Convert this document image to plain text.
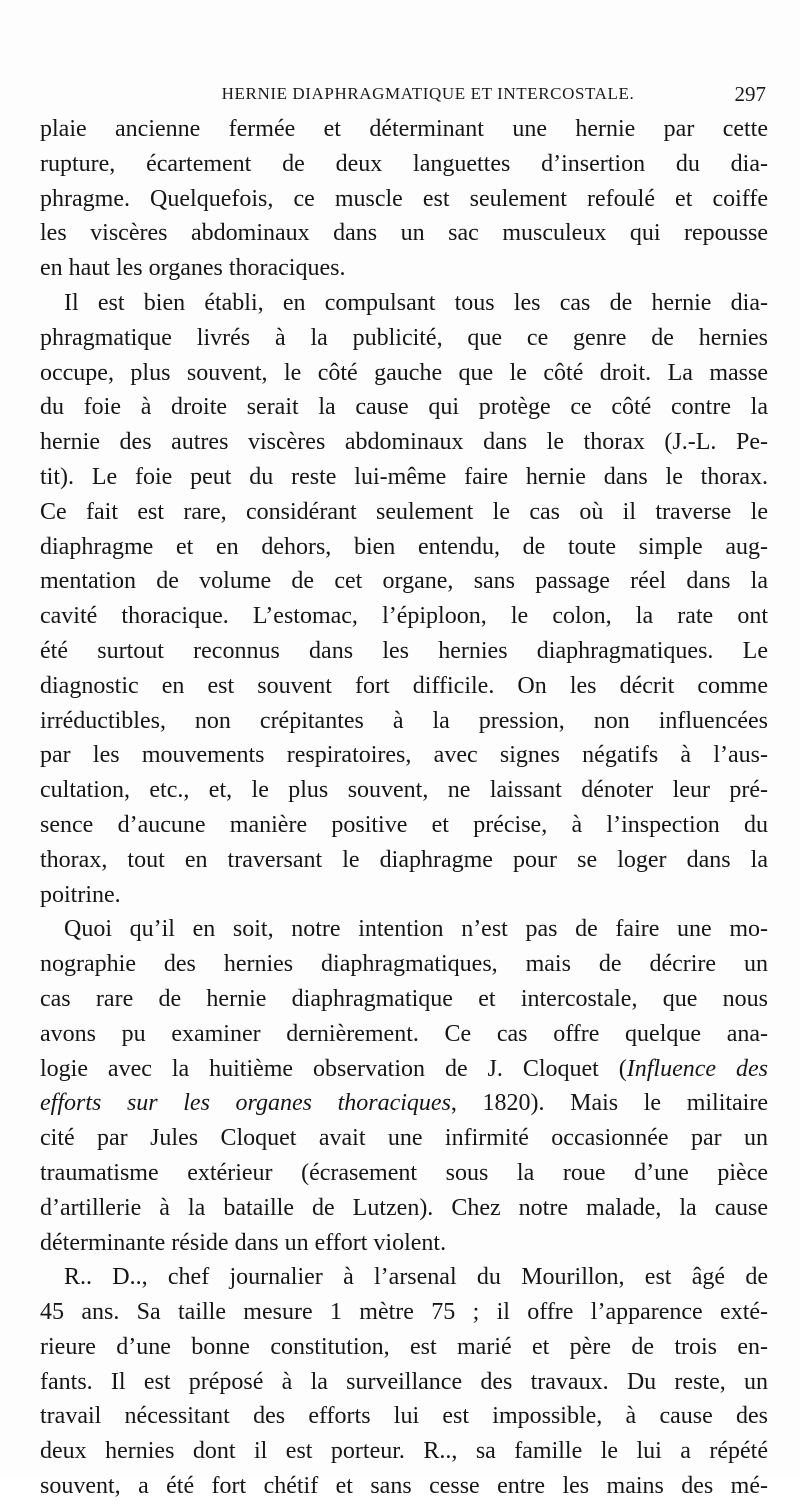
HERNIE DIAPHRAGMATIQUE ET INTERCOSTALE.	297

plaie ancienne fermée et déterminant une hernie par cette
rupture, écartement de deux languettes d’insertion du dia-
phragme. Quelquefois, ce muscle est seulement refoulé et coiffe
les viscères abdominaux dans un sac musculeux qui repousse
en haut les organes thoraciques.

Il est bien établi, en compulsant tous les cas de hernie dia-
phragmatique livrés à la publicité, que ce genre de hernies
occupe, plus souvent, le côté gauche que le côté droit. La masse
du foie à droite serait la cause qui protège ce côté contre la
hernie des autres viscères abdominaux dans le thorax (J.-L. Pe-
tit). Le foie peut du reste lui-même faire hernie dans le thorax.
Ce fait est rare, considérant seulement le cas où il traverse le
diaphragme et en dehors, bien entendu, de toute simple aug-
mentation de volume de cet organe, sans passage réel dans la
cavité thoracique. L’estomac, l’épiploon, le colon, la rate ont
été surtout reconnus dans les hernies diaphragmatiques. Le
diagnostic en est souvent fort difficile. On les décrit comme
irréductibles, non crépitantes à la pression, non influencées
par les mouvements respiratoires, avec signes négatifs à l’aus-
cultation, etc., et, le plus souvent, ne laissant dénoter leur pré-
sence d’aucune manière positive et précise, à l’inspection du
thorax, tout en traversant le diaphragme pour se loger dans la
poitrine.

Quoi qu’il en soit, notre intention n’est pas de faire une mo-
nographie des hernies diaphragmatiques, mais de décrire un
cas rare de hernie diaphragmatique et intercostale, que nous
avons pu examiner dernièrement. Ce cas offre quelque ana-
logie avec la huitième observation de J. Cloquet (Influence des
efforts sur les organes thoraciques, 1820). Mais le militaire
cité par Jules Cloquet avait une infirmité occasionnée par un
traumatisme extérieur (écrasement sous la roue d’une pièce
d’artillerie à la bataille de Lutzen). Chez notre malade, la cause
déterminante réside dans un effort violent.

R.. D.., chef journalier à l’arsenal du Mourillon, est âgé de
45 ans. Sa taille mesure 1 mètre 75 ; il offre l’apparence exté-
rieure d’une bonne constitution, est marié et père de trois en-
fants. Il est préposé à la surveillance des travaux. Du reste, un
travail nécessitant des efforts lui est impossible, à cause des
deux hernies dont il est porteur. R.., sa famille le lui a répété
souvent, a été fort chétif et sans cesse entre les mains des mé-
